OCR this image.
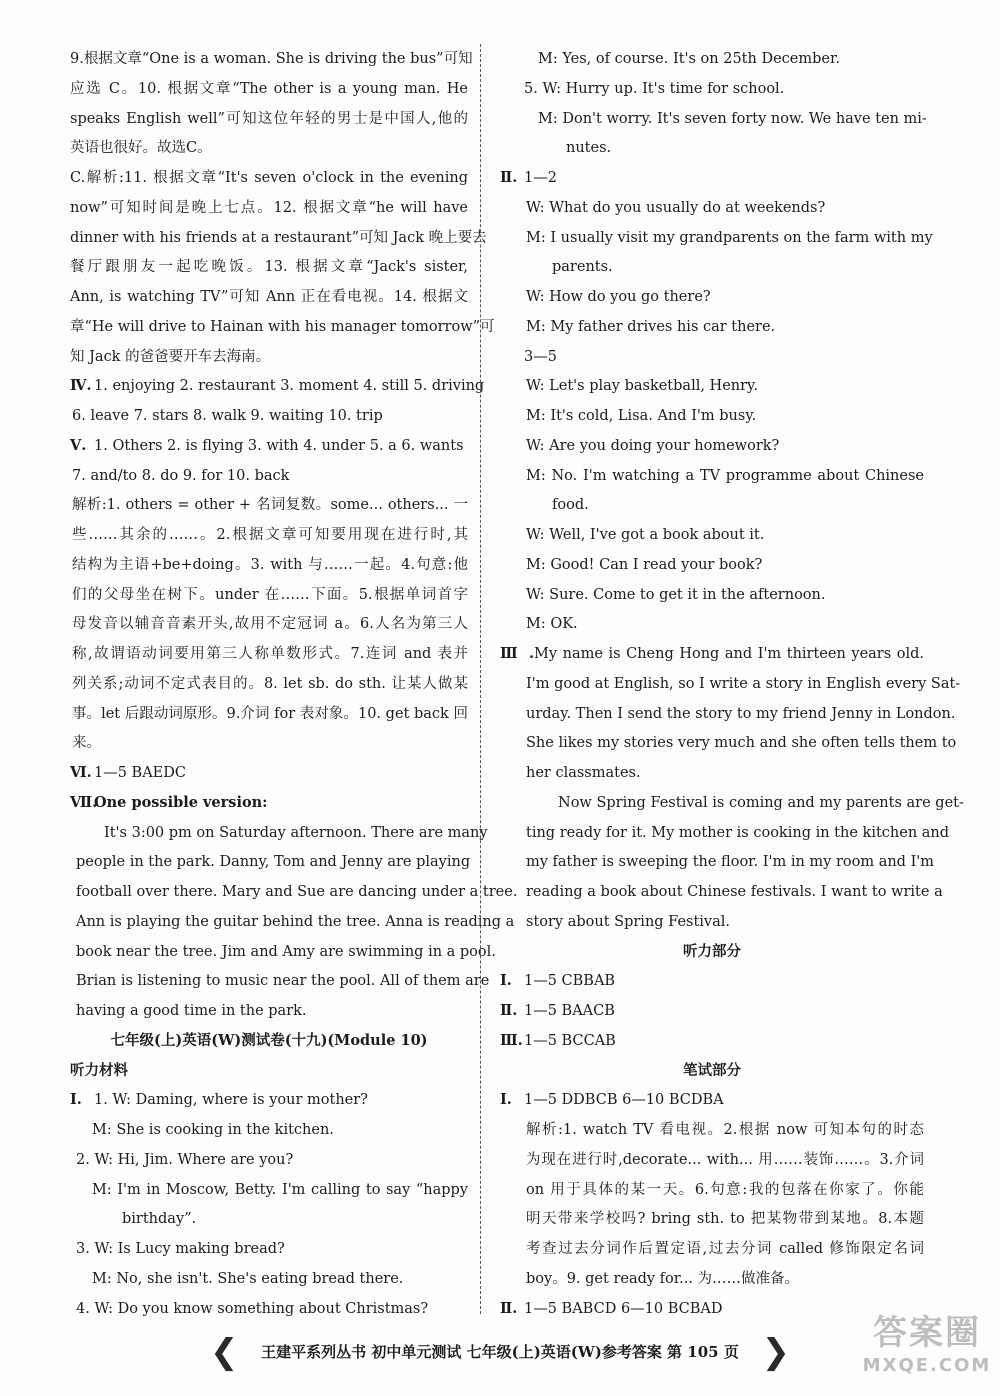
9.根据文章“One is a woman. She is driving the bus”可知
应选 C。10. 根据文章“The other is a young man. He
speaks English well”可知这位年轻的男士是中国人,他的
英语也很好。故选C。
C.解析:11. 根据文章“It's seven o'clock in the evening
now”可知时间是晚上七点。12. 根据文章“he will have
dinner with his friends at a restaurant”可知 Jack 晚上要去
餐厅跟朋友一起吃晚饭。13. 根据文章“Jack's sister,
Ann, is watching TV”可知 Ann 正在看电视。14. 根据文
章“He will drive to Hainan with his manager tomorrow”可
知 Jack 的爸爸要开车去海南。
Ⅳ. 1. enjoying 2. restaurant 3. moment 4. still 5. driving
6. leave 7. stars 8. walk 9. waiting 10. trip
Ⅴ. 1. Others 2. is flying 3. with 4. under 5. a 6. wants
7. and/to 8. do 9. for 10. back
解析:1. others = other + 名词复数。some... others... 一
些……其余的……。2.根据文章可知要用现在进行时,其
结构为主语+be+doing。3. with 与……一起。4.句意:他
们的父母坐在树下。under 在……下面。5.根据单词首字
母发音以辅音音素开头,故用不定冠词 a。6.人名为第三人
称,故谓语动词要用第三人称单数形式。7.连词 and 表并
列关系;动词不定式表目的。8. let sb. do sth. 让某人做某
事。let 后跟动词原形。9.介词 for 表对象。10. get back 回
来。
Ⅵ. 1—5 BAEDC
Ⅶ.One possible version:
It's 3:00 pm on Saturday afternoon. There are many
people in the park. Danny, Tom and Jenny are playing
football over there. Mary and Sue are dancing under a tree.
Ann is playing the guitar behind the tree. Anna is reading a
book near the tree. Jim and Amy are swimming in a pool.
Brian is listening to music near the pool. All of them are
having a good time in the park.
七年级(上)英语(W)测试卷(十九)(Module 10)
听力材料
Ⅰ. 1. W: Daming, where is your mother?
M: She is cooking in the kitchen.
2. W: Hi, Jim. Where are you?
M: I'm in Moscow, Betty. I'm calling to say “happy
birthday”.
3. W: Is Lucy making bread?
M: No, she isn't. She's eating bread there.
4. W: Do you know something about Christmas?
M: Yes, of course. It's on 25th December.
5. W: Hurry up. It's time for school.
M: Don't worry. It's seven forty now. We have ten mi-
nutes.
Ⅱ. 1—2
W: What do you usually do at weekends?
M: I usually visit my grandparents on the farm with my
parents.
W: How do you go there?
M: My father drives his car there.
3—5
W: Let's play basketball, Henry.
M: It's cold, Lisa. And I'm busy.
W: Are you doing your homework?
M: No. I'm watching a TV programme about Chinese
food.
W: Well, I've got a book about it.
M: Good! Can I read your book?
W: Sure. Come to get it in the afternoon.
M: OK.
Ⅲ.My name is Cheng Hong and I'm thirteen years old.
I'm good at English, so I write a story in English every Sat-
urday. Then I send the story to my friend Jenny in London.
She likes my stories very much and she often tells them to
her classmates.
Now Spring Festival is coming and my parents are get-
ting ready for it. My mother is cooking in the kitchen and
my father is sweeping the floor. I'm in my room and I'm
reading a book about Chinese festivals. I want to write a
story about Spring Festival.
听力部分
Ⅰ. 1—5 CBBAB
Ⅱ. 1—5 BAACB
Ⅲ.1—5 BCCAB
笔试部分
Ⅰ. 1—5 DDBCB 6—10 BCDBA
解析:1. watch TV 看电视。2.根据 now 可知本句的时态
为现在进行时,decorate... with... 用……装饰……。3.介词
on 用于具体的某一天。6.句意:我的包落在你家了。你能
明天带来学校吗? bring sth. to 把某物带到某地。8.本题
考查过去分词作后置定语,过去分词 called 修饰限定名词
boy。9. get ready for... 为……做准备。
Ⅱ. 1—5 BABCD 6—10 BCBAD
❮ 王建平系列丛书 初中单元测试 七年级(上)英语(W)参考答案 第 105 页 ❯	答案圈
MXQE.COM
